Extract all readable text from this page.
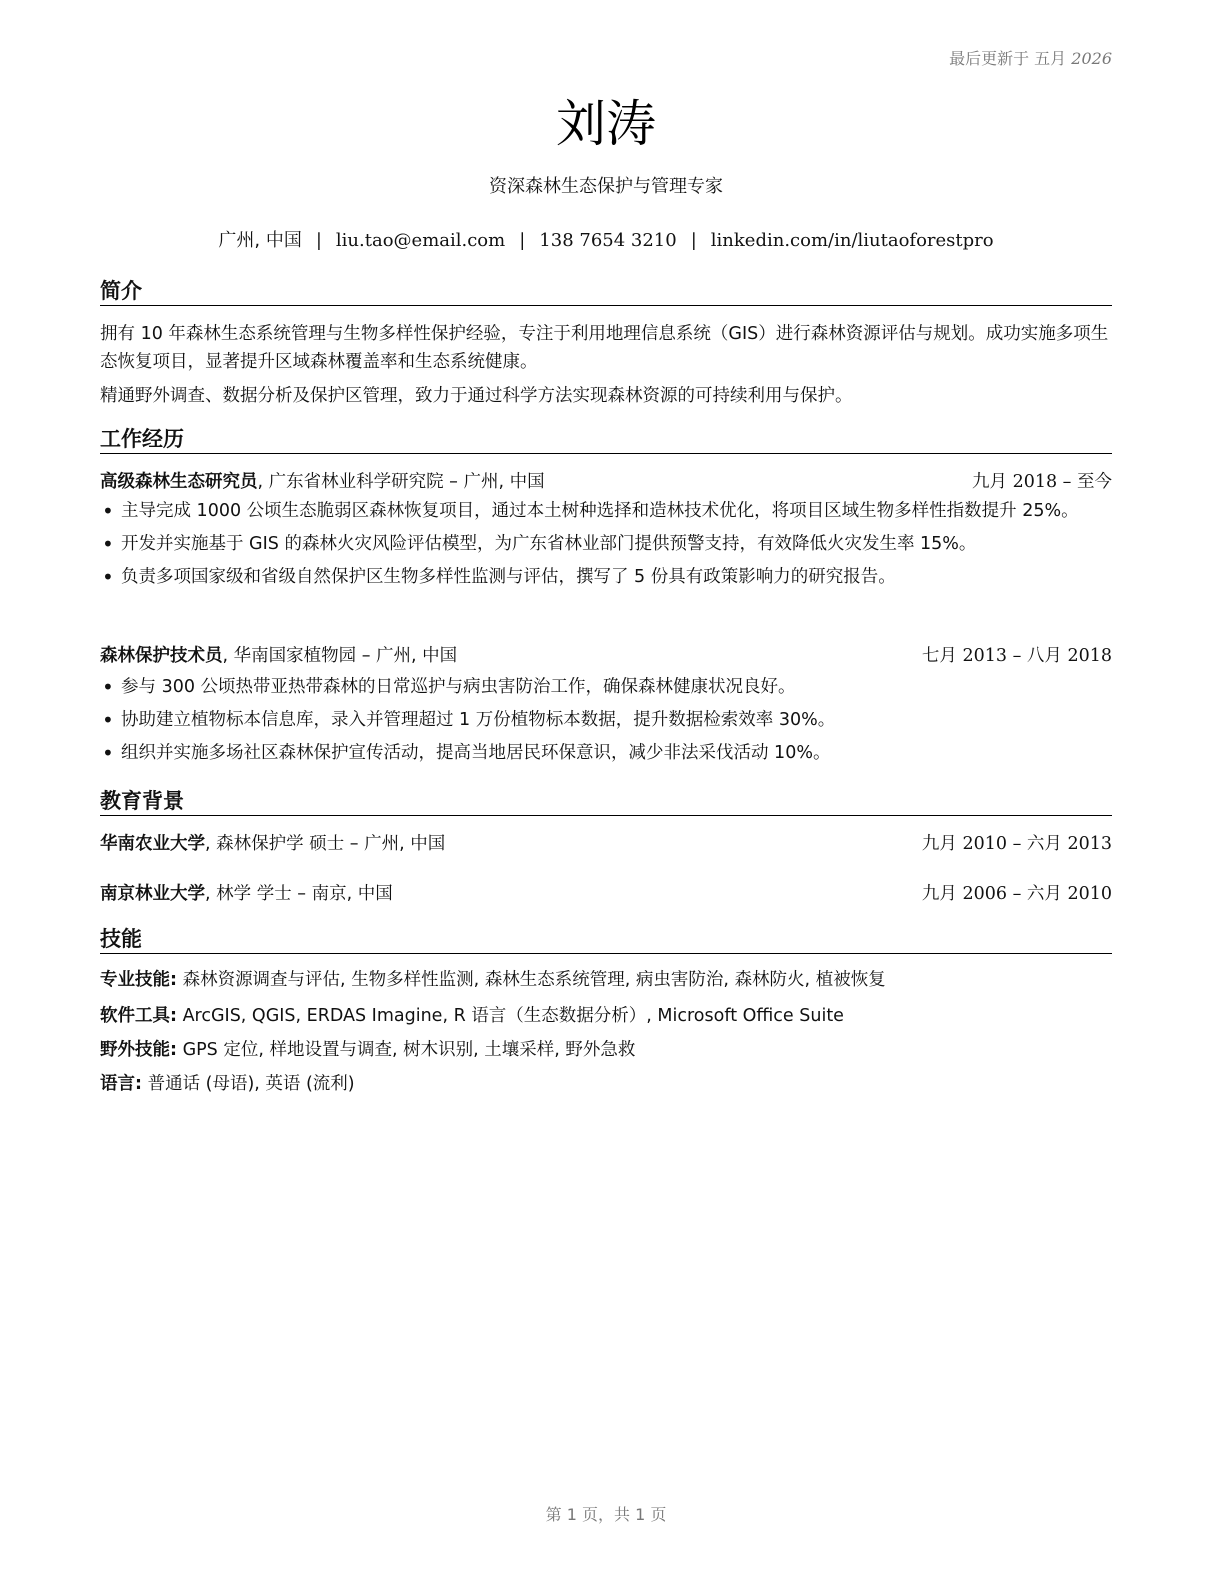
最后更新于 五月 2026
刘涛
资深森林生态保护与管理专家
广州, 中国 | liu.tao@email.com | 138 7654 3210 | linkedin.com/in/liutaoforestpro
简介
拥有 10 年森林生态系统管理与生物多样性保护经验，专注于利用地理信息系统（GIS）进行森林资源评估与规划。成功实施多项生态恢复项目，显著提升区域森林覆盖率和生态系统健康。
精通野外调查、数据分析及保护区管理，致力于通过科学方法实现森林资源的可持续利用与保护。
工作经历
高级森林生态研究员, 广东省林业科学研究院 – 广州, 中国	九月 2018 – 至今
• 主导完成 1000 公顷生态脆弱区森林恢复项目，通过本土树种选择和造林技术优化，将项目区域生物多样性指数提升 25%。
• 开发并实施基于 GIS 的森林火灾风险评估模型，为广东省林业部门提供预警支持，有效降低火灾发生率 15%。
• 负责多项国家级和省级自然保护区生物多样性监测与评估，撰写了 5 份具有政策影响力的研究报告。
森林保护技术员, 华南国家植物园 – 广州, 中国	七月 2013 – 八月 2018
• 参与 300 公顷热带亚热带森林的日常巡护与病虫害防治工作，确保森林健康状况良好。
• 协助建立植物标本信息库，录入并管理超过 1 万份植物标本数据，提升数据检索效率 30%。
• 组织并实施多场社区森林保护宣传活动，提高当地居民环保意识，减少非法采伐活动 10%。
教育背景
华南农业大学, 森林保护学 硕士 – 广州, 中国	九月 2010 – 六月 2013
南京林业大学, 林学 学士 – 南京, 中国	九月 2006 – 六月 2010
技能
专业技能: 森林资源调查与评估, 生物多样性监测, 森林生态系统管理, 病虫害防治, 森林防火, 植被恢复
软件工具: ArcGIS, QGIS, ERDAS Imagine, R 语言（生态数据分析）, Microsoft Office Suite
野外技能: GPS 定位, 样地设置与调查, 树木识别, 土壤采样, 野外急救
语言: 普通话 (母语), 英语 (流利)
第 1 页，共 1 页
